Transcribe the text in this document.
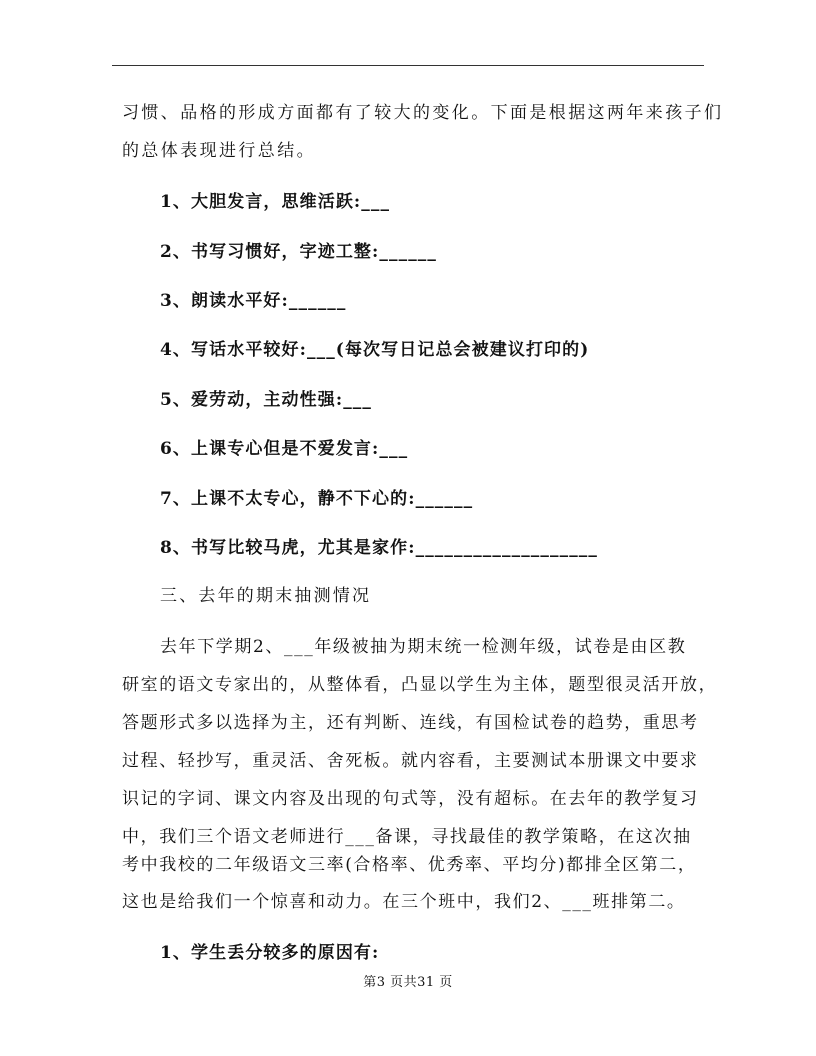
习惯、品格的形成方面都有了较大的变化。下面是根据这两年来孩子们
的总体表现进行总结。
1、大胆发言，思维活跃:___
2、书写习惯好，字迹工整:______
3、朗读水平好:______
4、写话水平较好:___(每次写日记总会被建议打印的)
5、爱劳动，主动性强:___
6、上课专心但是不爱发言:___
7、上课不太专心，静不下心的:______
8、书写比较马虎，尤其是家作:___________________
三、去年的期末抽测情况
去年下学期2、___年级被抽为期末统一检测年级，试卷是由区教
研室的语文专家出的，从整体看，凸显以学生为主体，题型很灵活开放，
答题形式多以选择为主，还有判断、连线，有国检试卷的趋势，重思考
过程、轻抄写，重灵活、舍死板。就内容看，主要测试本册课文中要求
识记的字词、课文内容及出现的句式等，没有超标。在去年的教学复习
中，我们三个语文老师进行___备课，寻找最佳的教学策略，在这次抽
考中我校的二年级语文三率(合格率、优秀率、平均分)都排全区第二，
这也是给我们一个惊喜和动力。在三个班中，我们2、___班排第二。
1、学生丢分较多的原因有:
第3 页共31 页
